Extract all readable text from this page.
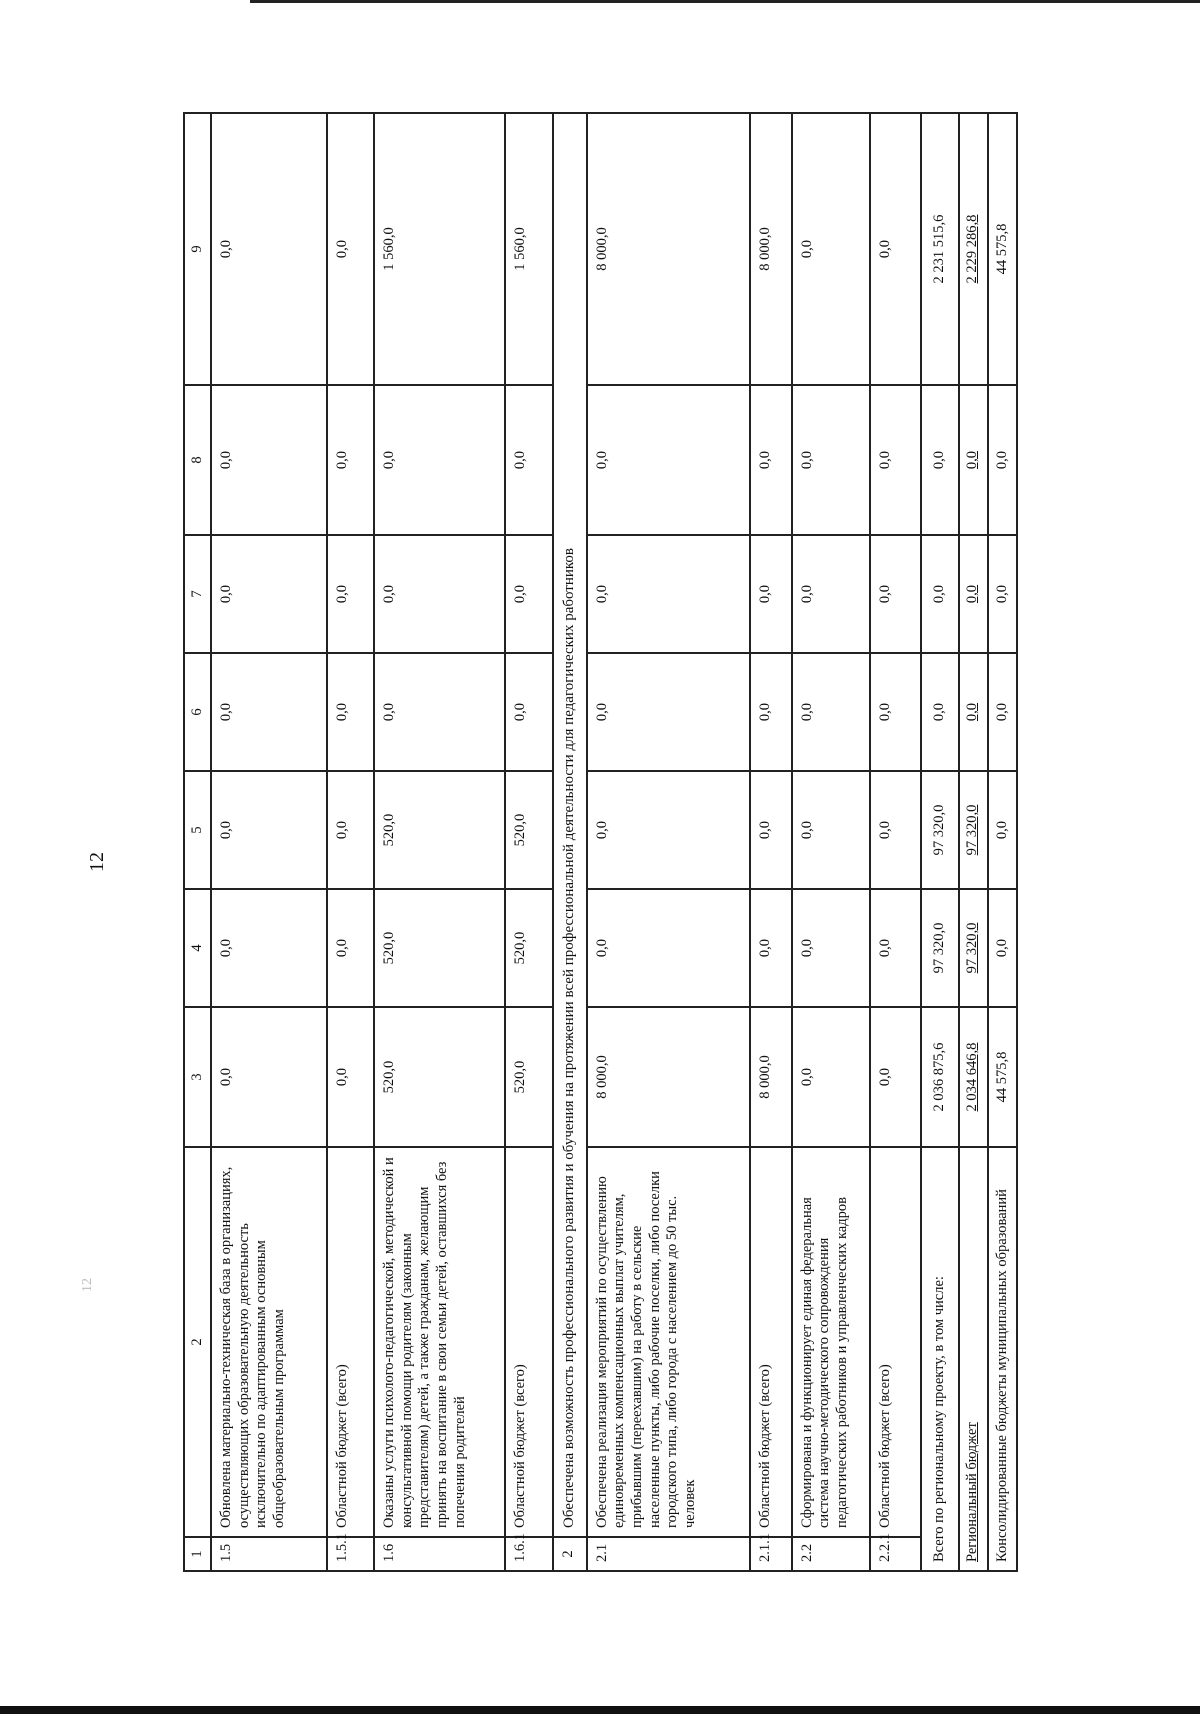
12
12
1	2	3	4	5	6	7	8	9
1.5	Обновлена материально-техническая база в организациях, осуществляющих образовательную деятельность исключительно по адаптированным основным общеобразовательным программам	0,0	0,0	0,0	0,0	0,0	0,0	0,0
1.5.1	Областной бюджет (всего)	0,0	0,0	0,0	0,0	0,0	0,0	0,0
1.6	Оказаны услуги психолого-педагогической, методической и консультативной помощи родителям (законным представителям) детей, а также гражданам, желающим принять на воспитание в свои семьи детей, оставшихся без попечения родителей	520,0	520,0	520,0	0,0	0,0	0,0	1 560,0
1.6.1	Областной бюджет (всего)	520,0	520,0	520,0	0,0	0,0	0,0	1 560,0
2	Обеспечена возможность профессионального развития и обучения на протяжении всей профессиональной деятельности для педагогических работников							
2.1	Обеспечена реализация мероприятий по осуществлению единовременных компенсационных выплат учителям, прибывшим (переехавшим) на работу в сельские населенные пункты, либо рабочие поселки, либо поселки городского типа, либо города с населением до 50 тыс. человек	8 000,0	0,0	0,0	0,0	0,0	0,0	8 000,0
2.1.1	Областной бюджет (всего)	8 000,0	0,0	0,0	0,0	0,0	0,0	8 000,0
2.2	Сформирована и функционирует единая федеральная система научно-методического сопровождения педагогических работников и управленческих кадров	0,0	0,0	0,0	0,0	0,0	0,0	0,0
2.2.1	Областной бюджет (всего)	0,0	0,0	0,0	0,0	0,0	0,0	0,0
Всего по региональному проекту, в том числе:		2 036 875,6	97 320,0	97 320,0	0,0	0,0	0,0	2 231 515,6
Региональный бюджет		2 034 646,8	97 320,0	97 320,0	0,0	0,0	0,0	2 229 286,8
Консолидированные бюджеты муниципальных образований		44 575,8	0,0	0,0	0,0	0,0	0,0	44 575,8
